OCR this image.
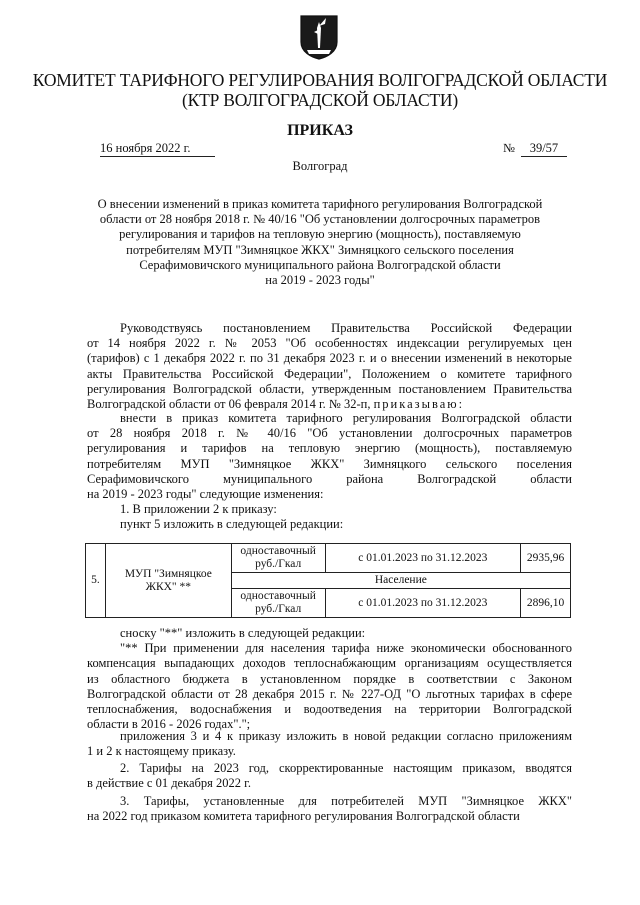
КОМИТЕТ ТАРИФНОГО РЕГУЛИРОВАНИЯ ВОЛГОГРАДСКОЙ ОБЛАСТИ
(КТР ВОЛГОГРАДСКОЙ ОБЛАСТИ)
ПРИКАЗ
16 ноября 2022 г.	№ 39/57
Волгоград
О внесении изменений в приказ комитета тарифного регулирования Волгоградской
области от 28 ноября 2018 г. № 40/16 "Об установлении долгосрочных параметров
регулирования и тарифов на тепловую энергию (мощность), поставляемую
потребителям МУП "Зимняцкое ЖКХ" Зимняцкого сельского поселения
Серафимовичского муниципального района Волгоградской области
на 2019 - 2023 годы"
Руководствуясь постановлением Правительства Российской Федерации
от 14 ноября 2022 г. № 2053 "Об особенностях индексации регулируемых цен
(тарифов) с 1 декабря 2022 г. по 31 декабря 2023 г. и о внесении изменений в некоторые
акты Правительства Российской Федерации", Положением о комитете тарифного
регулирования Волгоградской области, утвержденным постановлением Правительства
Волгоградской области от 06 февраля 2014 г. № 32-п, приказываю:
внести в приказ комитета тарифного регулирования Волгоградской области
от 28 ноября 2018 г. № 40/16 "Об установлении долгосрочных параметров
регулирования и тарифов на тепловую энергию (мощность), поставляемую
потребителям МУП "Зимняцкое ЖКХ" Зимняцкого сельского поселения
Серафимовичского муниципального района Волгоградской области
на 2019 - 2023 годы" следующие изменения:
1. В приложении 2 к приказу:
пункт 5 изложить в следующей редакции:
5.	МУП "Зимняцкое ЖКХ" **	одноставочный руб./Гкал	с 01.01.2023 по 31.12.2023	2935,96
		Население		
		одноставочный руб./Гкал	с 01.01.2023 по 31.12.2023	2896,10
сноску "**" изложить в следующей редакции:
"** При применении для населения тарифа ниже экономически обоснованного
компенсация выпадающих доходов теплоснабжающим организациям осуществляется
из областного бюджета в установленном порядке в соответствии с Законом
Волгоградской области от 28 декабря 2015 г. № 227-ОД "О льготных тарифах в сфере
теплоснабжения, водоснабжения и водоотведения на территории Волгоградской
области в 2016 - 2026 годах".";
приложения 3 и 4 к приказу изложить в новой редакции согласно приложениям
1 и 2 к настоящему приказу.
2. Тарифы на 2023 год, скорректированные настоящим приказом, вводятся
в действие с 01 декабря 2022 г.
3. Тарифы, установленные для потребителей МУП "Зимняцкое ЖКХ"
на 2022 год приказом комитета тарифного регулирования Волгоградской области
